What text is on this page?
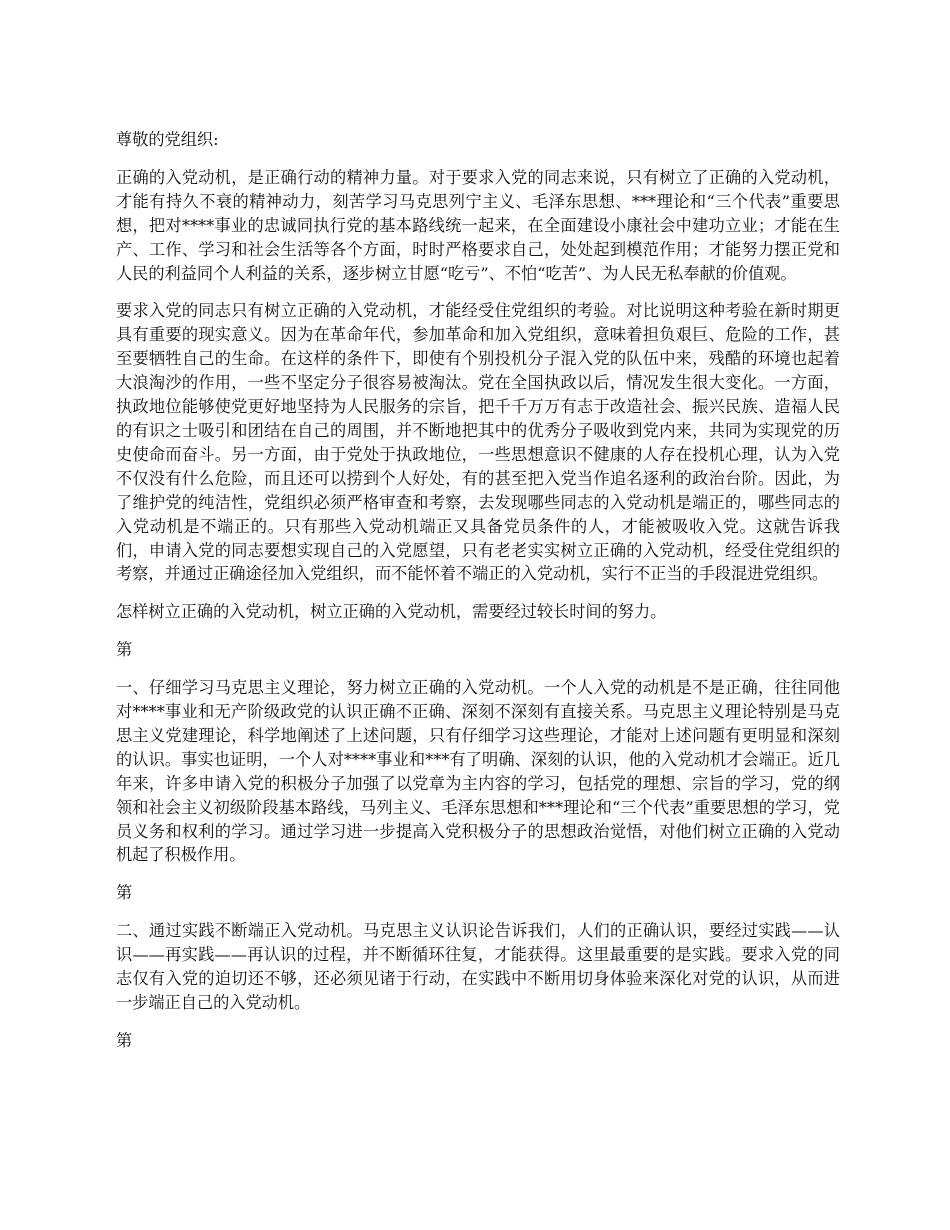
尊敬的党组织:

正确的入党动机，是正确行动的精神力量。对于要求入党的同志来说，只有树立了正确的入党动机，才能有持久不衰的精神动力，刻苦学习马克思列宁主义、毛泽东思想、***理论和“三个代表”重要思想，把对****事业的忠诚同执行党的基本路线统一起来，在全面建设小康社会中建功立业；才能在生产、工作、学习和社会生活等各个方面，时时严格要求自己，处处起到模范作用；才能努力摆正党和人民的利益同个人利益的关系，逐步树立甘愿“吃亏”、不怕“吃苦”、为人民无私奉献的价值观。

要求入党的同志只有树立正确的入党动机，才能经受住党组织的考验。对比说明这种考验在新时期更具有重要的现实意义。因为在革命年代，参加革命和加入党组织，意味着担负艰巨、危险的工作，甚至要牺牲自己的生命。在这样的条件下，即使有个别投机分子混入党的队伍中来，残酷的环境也起着大浪淘沙的作用，一些不坚定分子很容易被淘汰。党在全国执政以后，情况发生很大变化。一方面，执政地位能够使党更好地坚持为人民服务的宗旨，把千千万万有志于改造社会、振兴民族、造福人民的有识之士吸引和团结在自己的周围，并不断地把其中的优秀分子吸收到党内来，共同为实现党的历史使命而奋斗。另一方面，由于党处于执政地位，一些思想意识不健康的人存在投机心理，认为入党不仅没有什么危险，而且还可以捞到个人好处，有的甚至把入党当作追名逐利的政治台阶。因此，为了维护党的纯洁性，党组织必须严格审查和考察，去发现哪些同志的入党动机是端正的，哪些同志的入党动机是不端正的。只有那些入党动机端正又具备党员条件的人，才能被吸收入党。这就告诉我们，申请入党的同志要想实现自己的入党愿望，只有老老实实树立正确的入党动机，经受住党组织的考察，并通过正确途径加入党组织，而不能怀着不端正的入党动机，实行不正当的手段混进党组织。

怎样树立正确的入党动机，树立正确的入党动机，需要经过较长时间的努力。

第

一、仔细学习马克思主义理论，努力树立正确的入党动机。一个人入党的动机是不是正确，往往同他对****事业和无产阶级政党的认识正确不正确、深刻不深刻有直接关系。马克思主义理论特别是马克思主义党建理论，科学地阐述了上述问题，只有仔细学习这些理论，才能对上述问题有更明显和深刻的认识。事实也证明，一个人对****事业和***有了明确、深刻的认识，他的入党动机才会端正。近几年来，许多申请入党的积极分子加强了以党章为主内容的学习，包括党的理想、宗旨的学习，党的纲领和社会主义初级阶段基本路线，马列主义、毛泽东思想和***理论和“三个代表”重要思想的学习，党员义务和权利的学习。通过学习进一步提高入党积极分子的思想政治觉悟，对他们树立正确的入党动机起了积极作用。

第

二、通过实践不断端正入党动机。马克思主义认识论告诉我们，人们的正确认识，要经过实践——认识——再实践——再认识的过程，并不断循环往复，才能获得。这里最重要的是实践。要求入党的同志仅有入党的迫切还不够，还必须见诸于行动，在实践中不断用切身体验来深化对党的认识，从而进一步端正自己的入党动机。

第
